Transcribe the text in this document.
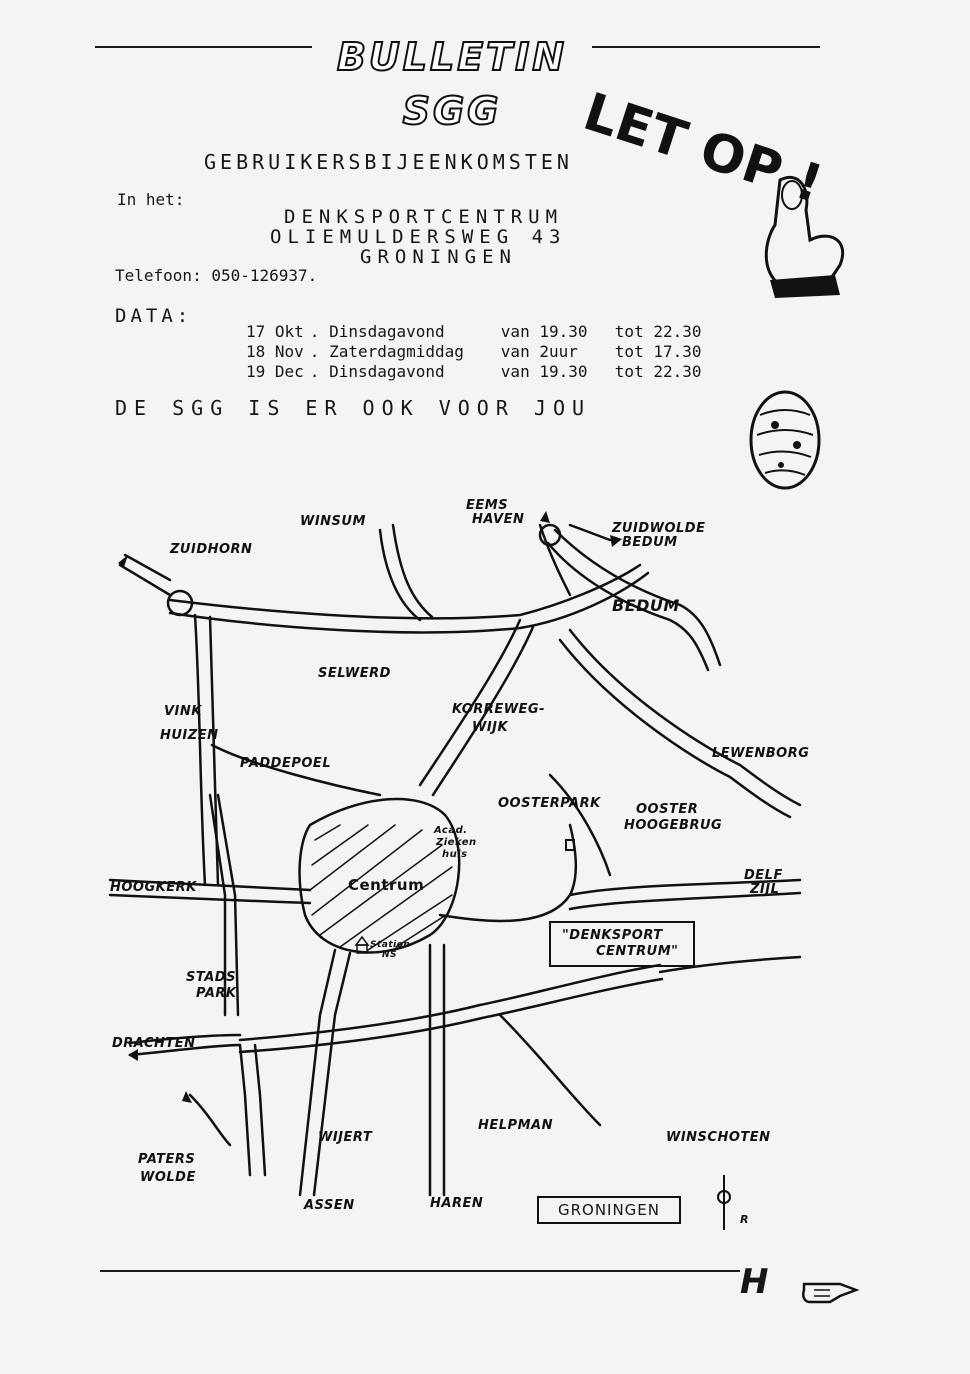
BULLETIN SGG	LET OP !
GEBRUIKERSBIJEENKOMSTEN
In het:
DENKSPORTCENTRUM
OLIEMULDERSWEG 43
GRONINGEN
Telefoon: 050-126937.
DATA:
17 Okt	. Dinsdagavond	van 19.30	tot 22.30
18 Nov	. Zaterdagmiddag	van 2uur	tot 17.30
19 Dec	. Dinsdagavond	van 19.30	tot 22.30
DE SGG IS ER OOK VOOR JOU
ZUIDHORN
WINSUM
EEMS
HAVEN
ZUIDWOLDE
BEDUM
BEDUM
SELWERD
VINK
HUIZEN
KORREWEG-
WIJK
LEWENBORG
PADDEPOEL
OOSTERPARK	OOSTER
HOOGEBRUG
Acad.
Zieken
huis
Centrum
DELF
ZIJL
HOOGKERK
Station
NS
"DENKSPORT
CENTRUM"
STADS
PARK
DRACHTEN
WIJERT
HELPMAN
WINSCHOTEN
PATERS
WOLDE
ASSEN	HAREN
R
GRONINGEN
H
